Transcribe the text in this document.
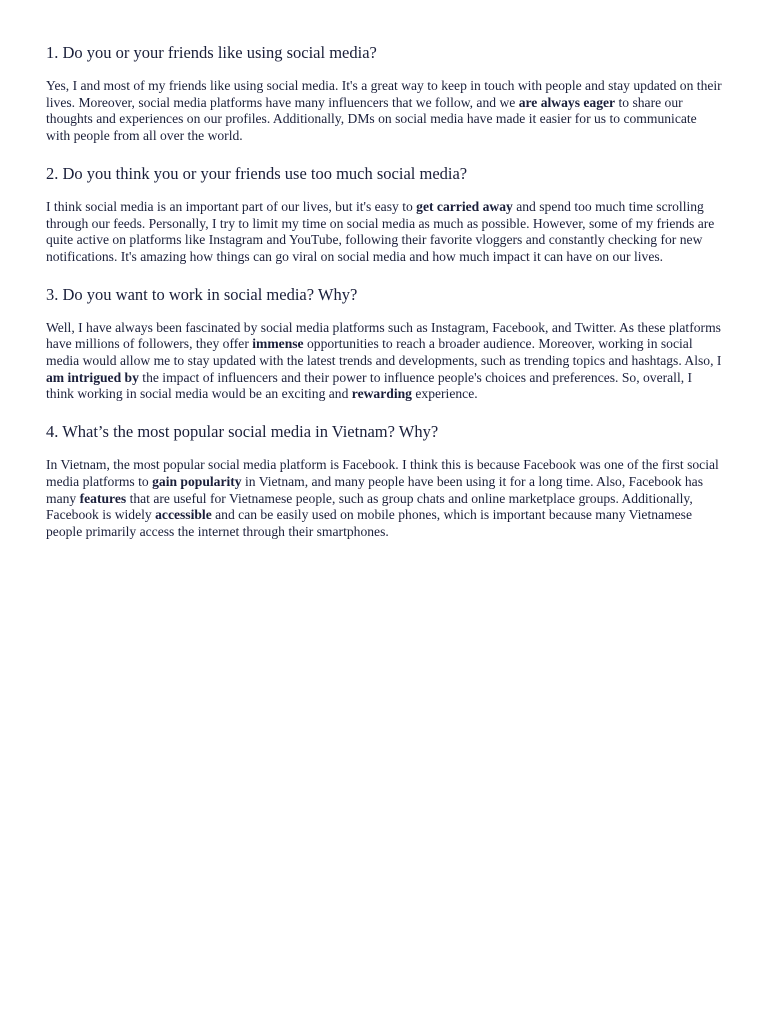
1. Do you or your friends like using social media?

Yes, I and most of my friends like using social media. It's a great way to keep in touch with people and stay updated on their lives. Moreover, social media platforms have many influencers that we follow, and we are always eager to share our thoughts and experiences on our profiles. Additionally, DMs on social media have made it easier for us to communicate with people from all over the world.

2. Do you think you or your friends use too much social media?

I think social media is an important part of our lives, but it's easy to get carried away and spend too much time scrolling through our feeds. Personally, I try to limit my time on social media as much as possible. However, some of my friends are quite active on platforms like Instagram and YouTube, following their favorite vloggers and constantly checking for new notifications. It's amazing how things can go viral on social media and how much impact it can have on our lives.

3. Do you want to work in social media? Why?

Well, I have always been fascinated by social media platforms such as Instagram, Facebook, and Twitter. As these platforms have millions of followers, they offer immense opportunities to reach a broader audience. Moreover, working in social media would allow me to stay updated with the latest trends and developments, such as trending topics and hashtags. Also, I am intrigued by the impact of influencers and their power to influence people's choices and preferences. So, overall, I think working in social media would be an exciting and rewarding experience.

4. What’s the most popular social media in Vietnam? Why?

In Vietnam, the most popular social media platform is Facebook. I think this is because Facebook was one of the first social media platforms to gain popularity in Vietnam, and many people have been using it for a long time. Also, Facebook has many features that are useful for Vietnamese people, such as group chats and online marketplace groups. Additionally, Facebook is widely accessible and can be easily used on mobile phones, which is important because many Vietnamese people primarily access the internet through their smartphones.
